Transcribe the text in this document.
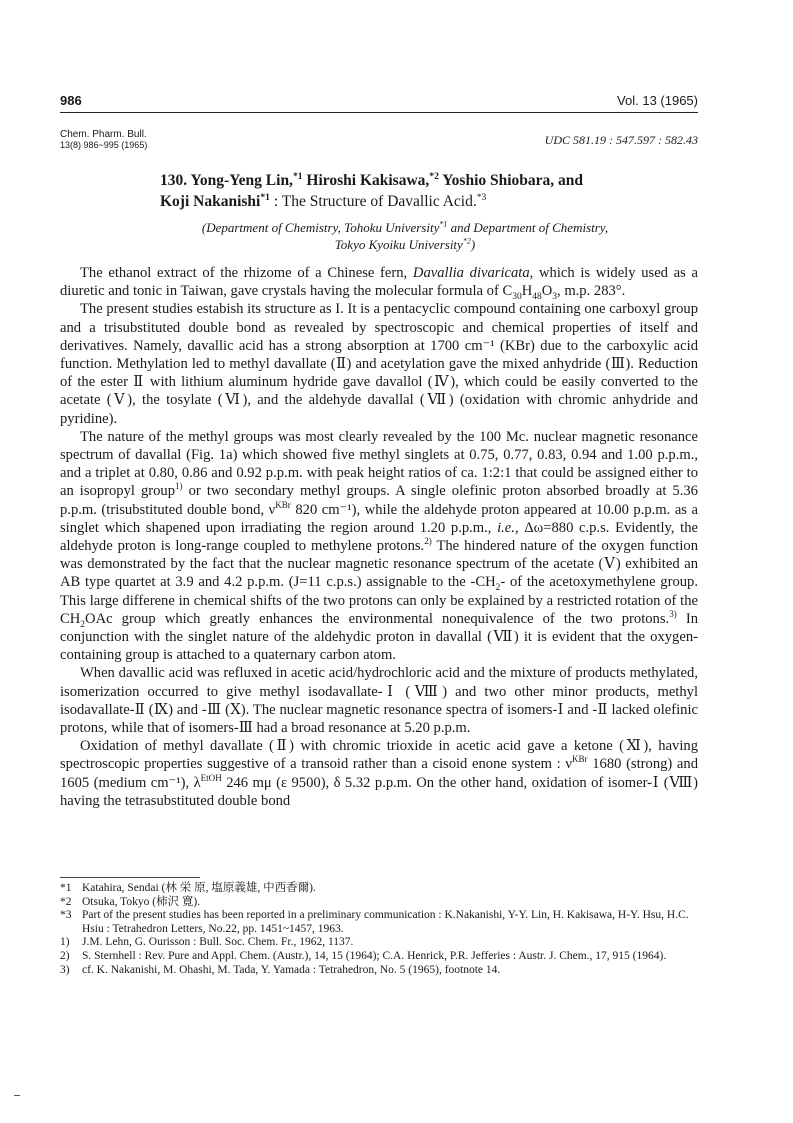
986	Vol. 13 (1965)
Chem. Pharm. Bull.
13(8) 986~995 (1965)	UDC 581.19 : 547.597 : 582.43
130. Yong-Yeng Lin,$^{*1}$ Hiroshi Kakisawa,$^{*2}$ Yoshio Shiobara, and
Koji Nakanishi$^{*1}$ : The Structure of Davallic Acid.$^{*3}$
(Department of Chemistry, Tohoku University$^{*1}$ and Department of Chemistry, Tokyo Kyoiku University$^{*2}$)

The ethanol extract of the rhizome of a Chinese fern, Davallia divaricata, which is widely used as a diuretic and tonic in Taiwan, gave crystals having the molecular formula of $C_{30}H_{48}O_3$, m.p. 283°.

The present studies estabish its structure as I. It is a pentacyclic compound containing one carboxyl group and a trisubstituted double bond as revealed by spectroscopic and chemical properties of itself and derivatives. Namely, davallic acid has a strong absorption at 1700 cm⁻¹ (KBr) due to the carboxylic acid function. Methylation led to methyl davallate (Ⅱ) and acetylation gave the mixed anhydride (Ⅲ). Reduction of the ester Ⅱ with lithium aluminum hydride gave davallol (Ⅳ), which could be easily converted to the acetate (Ⅴ), the tosylate (Ⅵ), and the aldehyde davallal (Ⅶ) (oxidation with chromic anhydride and pyridine).

The nature of the methyl groups was most clearly revealed by the 100 Mc. nuclear magnetic resonance spectrum of davallal (Fig. 1a) which showed five methyl singlets at 0.75, 0.77, 0.83, 0.94 and 1.00 p.p.m., and a triplet at 0.80, 0.86 and 0.92 p.p.m. with peak height ratios of ca. 1:2:1 that could be assigned either to an isopropyl group$^{1)}$ or two secondary methyl groups. A single olefinic proton absorbed broadly at 5.36 p.p.m. (trisubstituted double bond, $\nu^{KBr}$ 820 cm⁻¹), while the aldehyde proton appeared at 10.00 p.p.m. as a singlet which shapened upon irradiating the region around 1.20 p.p.m., i.e., Δω=880 c.p.s. Evidently, the aldehyde proton is long-range coupled to methylene protons.$^{2)}$ The hindered nature of the oxygen function was demonstrated by the fact that the nuclear magnetic resonance spectrum of the acetate (Ⅴ) exhibited an AB type quartet at 3.9 and 4.2 p.p.m. (J=11 c.p.s.) assignable to the $-CH_2-$ of the acetoxymethylene group. This large differene in chemical shifts of the two protons can only be explained by a restricted rotation of the $CH_2OAc$ group which greatly enhances the environmental nonequivalence of the two protons.$^{3)}$ In conjunction with the singlet nature of the aldehydic proton in davallal (Ⅶ) it is evident that the oxygen-containing group is attached to a quaternary carbon atom.

When davallic acid was refluxed in acetic acid/hydrochloric acid and the mixture of products methylated, isomerization occurred to give methyl isodavallate-Ⅰ (Ⅷ) and two other minor products, methyl isodavallate-Ⅱ (Ⅸ) and -Ⅲ (Ⅹ). The nuclear magnetic resonance spectra of isomers-Ⅰ and -Ⅱ lacked olefinic protons, while that of isomers-Ⅲ had a broad resonance at 5.20 p.p.m.

Oxidation of methyl davallate (Ⅱ) with chromic trioxide in acetic acid gave a ketone (Ⅺ), having spectroscopic properties suggestive of a transoid rather than a cisoid enone system : $\nu^{KBr}$ 1680 (strong) and 1605 (medium cm⁻¹), $\lambda^{EtOH}$ 246 mμ (ε 9500), δ 5.32 p.p.m. On the other hand, oxidation of isomer-Ⅰ (Ⅷ) having the tetrasubstituted double bond

*1 Katahira, Sendai (林 栄 原, 塩原義雄, 中西香爾).
*2 Otsuka, Tokyo (柿沢 寛).
*3 Part of the present studies has been reported in a preliminary communication : K.Nakanishi, Y-Y. Lin, H. Kakisawa, H-Y. Hsu, H.C. Hsiu : Tetrahedron Letters, No.22, pp. 1451~1457, 1963.
1) J.M. Lehn, G. Ourisson : Bull. Soc. Chem. Fr., 1962, 1137.
2) S. Sternhell : Rev. Pure and Appl. Chem. (Austr.), 14, 15 (1964); C.A. Henrick, P.R. Jefferies : Austr. J. Chem., 17, 915 (1964).
3) cf. K. Nakanishi, M. Ohashi, M. Tada, Y. Yamada : Tetrahedron, No. 5 (1965), footnote 14.
